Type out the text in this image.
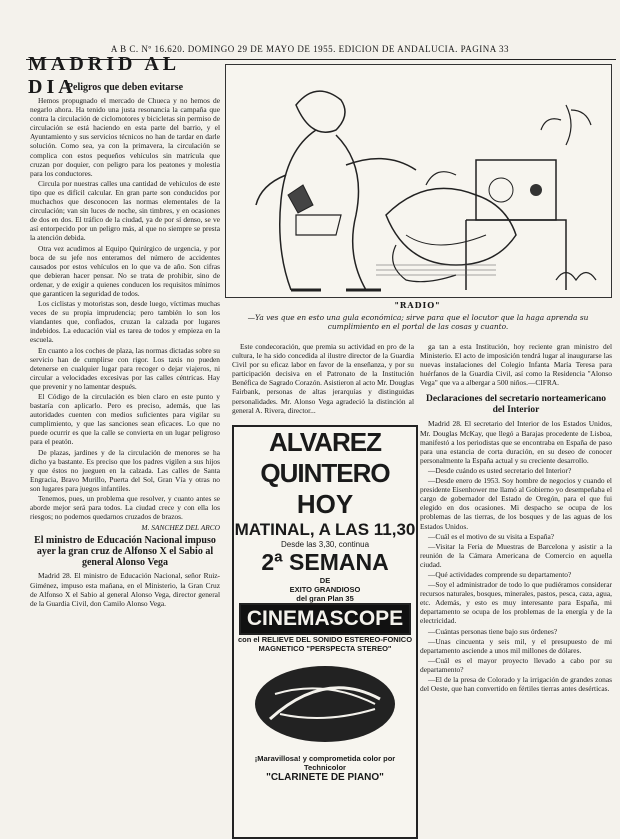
A B C. Nº 16.620. DOMINGO 29 DE MAYO DE 1955. EDICION DE ANDALUCIA. PAGINA 33
MADRID AL DIA
Peligros que deben evitarse

Hemos propugnado el mercado de Chueca y no hemos de negarlo ahora. Ha tenido una justa resonancia la campaña que contra la circulación de ciclomotores y bicicletas sin permiso de circulación se está haciendo en esta parte del barrio, y el Ayuntamiento y sus servicios técnicos no han de tardar en darle solución. Como sea, ya con la primavera, la circulación se complica con estos pequeños vehículos sin matrícula que cruzan por doquier, con peligro para los peatones y molestia para los conductores.

Circula por nuestras calles una cantidad de vehículos de este tipo que es difícil calcular. En gran parte son conducidos por muchachos que desconocen las normas elementales de la circulación; van sin luces de noche, sin timbres, y en ocasiones de dos en dos. El tráfico de la ciudad, ya de por sí denso, se ve así entorpecido por un peligro más, al que no siempre se presta la atención debida.

Otra vez acudimos al Equipo Quirúrgico de urgencia, y por boca de su jefe nos enteramos del número de accidentes causados por estos vehículos en lo que va de año. Son cifras que debieran hacer pensar. No se trata de prohibir, sino de ordenar, y de exigir a quienes conducen los requisitos mínimos que garanticen la seguridad de todos.

Los ciclistas y motoristas son, desde luego, víctimas muchas veces de su propia imprudencia; pero también lo son los viandantes que, confiados, cruzan la calzada por lugares indebidos. La educación vial es tarea de todos y empieza en la escuela.

En cuanto a los coches de plaza, las normas dictadas sobre su servicio han de cumplirse con rigor. Los taxis no pueden detenerse en cualquier lugar para recoger o dejar viajeros, ni circular a velocidades excesivas por las calles céntricas. Hay que prevenir y no lamentar después.

El Código de la circulación es bien claro en este punto y bastaría con aplicarlo. Pero es preciso, además, que las autoridades cuenten con medios suficientes para vigilar su cumplimiento, y que las sanciones sean eficaces. Lo que no puede ocurrir es que la calle se convierta en un lugar peligroso para el peatón.

De plazas, jardines y de la circulación de menores se ha dicho ya bastante. Es preciso que los padres vigilen a sus hijos y que éstos no jueguen en la calzada. Las calles de Santa Engracia, Bravo Murillo, Puerta del Sol, Gran Vía y otras no son lugares para juegos infantiles.

Tenemos, pues, un problema que resolver, y cuanto antes se aborde mejor será para todos. La ciudad crece y con ella los riesgos; no podemos quedarnos cruzados de brazos.

M. SANCHEZ DEL ARCO
El ministro de Educación Nacional impuso ayer la gran cruz de Alfonso X el Sabio al general Alonso Vega

Madrid 28. El ministro de Educación Nacional, señor Ruiz-Giménez, impuso esta mañana, en el Ministerio, la Gran Cruz de Alfonso X el Sabio al general Alonso Vega, director general de la Guardia Civil, don Camilo Alonso Vega.

"RADIO"
—Ya ves que en esto una gula económica; sirve para que el locutor que la haga aprenda su cumplimiento en el portal de las cosas y cuanto.

Este condecoración, que premia su actividad en pro de la cultura, le ha sido concedida al ilustre director de la Guardia Civil por su eficaz labor en favor de la enseñanza, y por su participación decisiva en el Patronato de la Institución Benéfica de Sagrado Corazón. Asistieron al acto Mr. Douglas Fairbank, personas de altas jerarquías y distinguidas personalidades. Mr. Alonso Vega agradeció la distinción al general A. Rivera, director...

ALVAREZ QUINTERO
HOY
MATINAL, A LAS 11,30
Desde las 3,30, continua
2ª SEMANA
DE
EXITO GRANDIOSO
del gran Plan 35
CINEMASCOPE
con el RELIEVE DEL SONIDO ESTEREO-FONICO MAGNETICO "PERSPECTA STEREO"
¡Maravillosa! y comprometida color por Technicolor
"CLARINETE DE PIANO"

ga tan a esta Institución, hoy reciente gran ministro del Ministerio. El acto de imposición tendrá lugar al inaugurarse las nuevas instalaciones del Colegio Infanta María Teresa para huérfanos de la Guardia Civil, así como la Residencia "Alonso Vega" que va a albergar a 500 niños.—CIFRA.

Declaraciones del secretario norteamericano del Interior

Madrid 28. El secretario del Interior de los Estados Unidos, Mr. Douglas McKay, que llegó a Barajas procedente de Lisboa, manifestó a los periodistas que se encontraba en España de paso para una estancia de corta duración, en su deseo de conocer personalmente la España actual y su creciente desarrollo.

—Desde cuándo es usted secretario del Interior?

—Desde enero de 1953. Soy hombre de negocios y cuando el presidente Eisenhower me llamó al Gobierno yo desempeñaba el cargo de gobernador del Estado de Oregón, para el que fui elegido en dos ocasiones. Mi despacho se ocupa de los problemas de las tierras, de los bosques y de las aguas de los Estados Unidos.

—Cuál es el motivo de su visita a España?

—Visitar la Feria de Muestras de Barcelona y asistir a la reunión de la Cámara Americana de Comercio en aquella ciudad.

—Qué actividades comprende su departamento?

—Soy el administrador de todo lo que pudiéramos considerar recursos naturales, bosques, minerales, pastos, pesca, caza, agua, etc. Además, y esto es muy interesante para España, mi departamento se ocupa de los problemas de la energía y de la electricidad.

—Cuántas personas tiene bajo sus órdenes?

—Unas cincuenta y seis mil, y el presupuesto de mi departamento asciende a unos mil millones de dólares.

—Cuál es el mayor proyecto llevado a cabo por su departamento?

—El de la presa de Colorado y la irrigación de grandes zonas del Oeste, que han convertido en fértiles tierras antes desérticas.
